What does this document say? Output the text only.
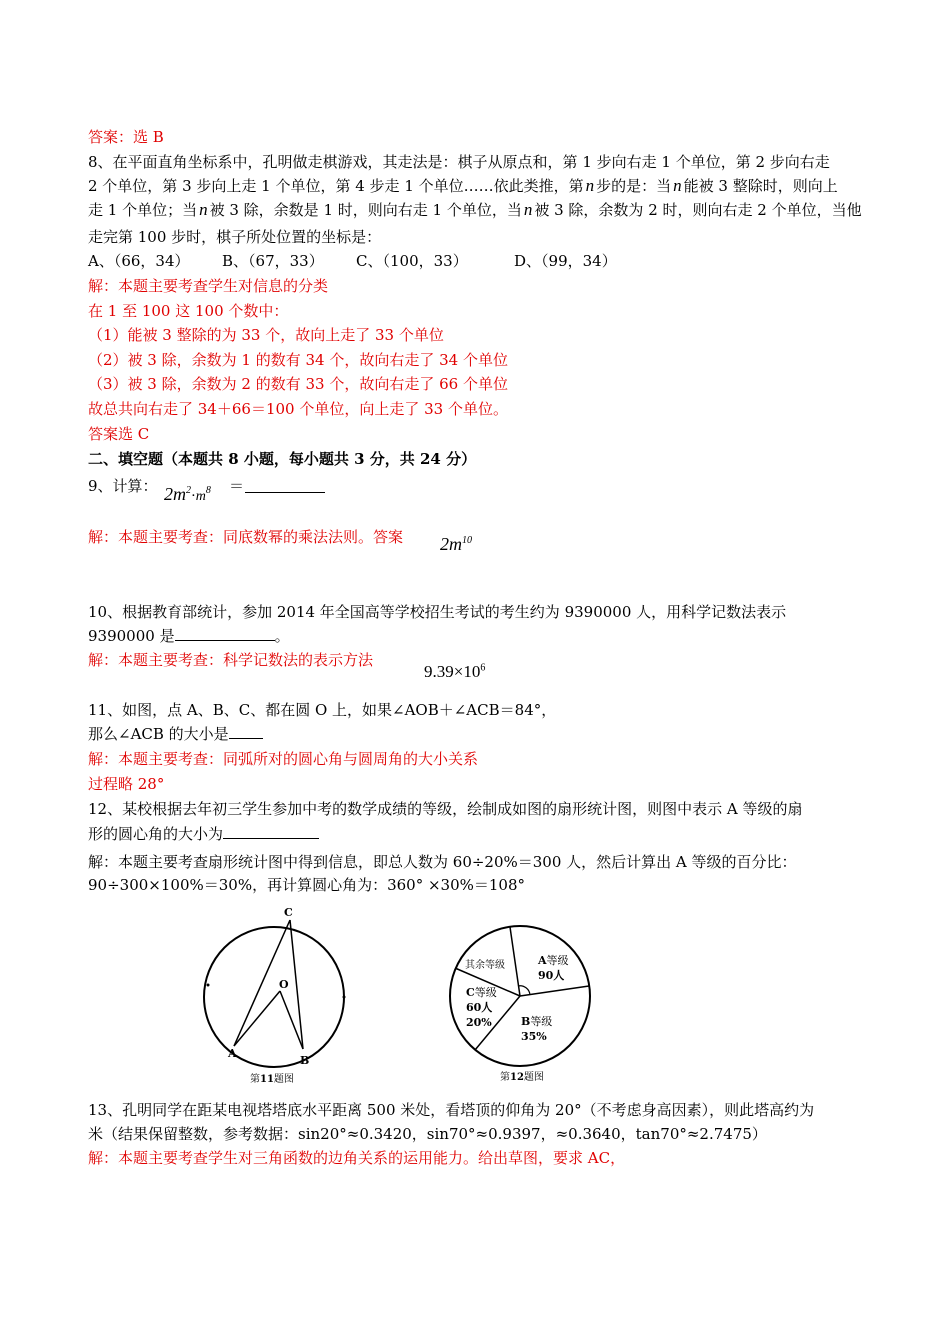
答案：选 B
8、在平面直角坐标系中，孔明做走棋游戏，其走法是：棋子从原点和，第 1 步向右走 1 个单位，第 2 步向右走
2 个单位，第 3 步向上走 1 个单位，第 4 步走 1 个单位……依此类推，第 n 步的是：当 n 能被 3 整除时，则向上
走 1 个单位；当 n 被 3 除，余数是 1 时，则向右走 1 个单位，当 n 被 3 除，余数为 2 时，则向右走 2 个单位，当他
走完第 100 步时，棋子所处位置的坐标是：
A、（66，34） B、（67，33） C、（100，33）	D、（99，34）
解：本题主要考查学生对信息的分类
在 1 至 100 这 100 个数中：
（1）能被 3 整除的为 33 个，故向上走了 33 个单位
（2）被 3 除，余数为 1 的数有 34 个，故向右走了 34 个单位
（3）被 3 除，余数为 2 的数有 33 个，故向右走了 66 个单位
故总共向右走了 34＋66＝100 个单位，向上走了 33 个单位。
答案选 C
二、填空题（本题共 8 小题，每小题共 3 分，共 24 分）
9、计算： $2m^2\cdot m^8$ ＝
解：本题主要考查：同底数幂的乘法法则。答案 $2m^{10}$
10、根据教育部统计，参加 2014 年全国高等学校招生考试的考生约为 9390000 人，用科学记数法表示
9390000 是	。
解：本题主要考查：科学记数法的表示方法
$9.39\times 10^6$
11、如图，点 A、B、C、都在圆 O 上，如果∠AOB＋∠ACB＝84°，
那么∠ACB 的大小是
解：本题主要考查：同弧所对的圆心角与圆周角的大小关系
过程略 28°
12、某校根据去年初三学生参加中考的数学成绩的等级，绘制成如图的扇形统计图，则图中表示 A 等级的扇
形的圆心角的大小为
解：本题主要考查扇形统计图中得到信息，即总人数为 60÷20%＝300 人，然后计算出 A 等级的百分比：
90÷300×100%＝30%，再计算圆心角为：360° ×30%＝108°
C
O
A
B
第11题图
其余等级	A等级
90人
C等级
60人
20%	B等级
35%
第12题图
13、孔明同学在距某电视塔塔底水平距离 500 米处，看塔顶的仰角为 20°（不考虑身高因素），则此塔高约为
米（结果保留整数，参考数据：sin20°≈0.3420，sin70°≈0.9397，≈0.3640，tan70°≈2.7475）
解：本题主要考查学生对三角函数的边角关系的运用能力。给出草图，要求 AC，
